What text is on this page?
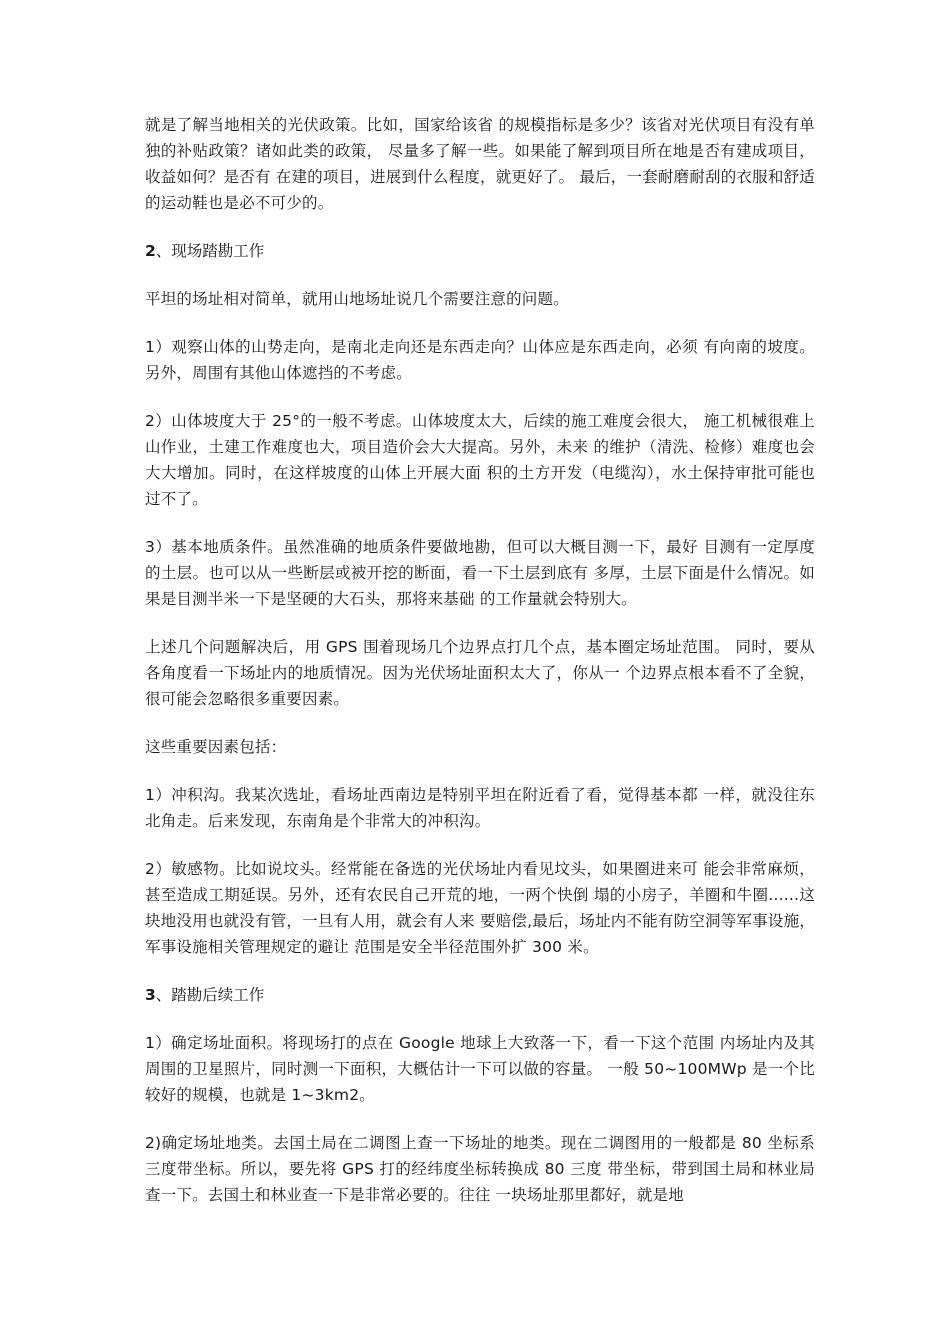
就是了解当地相关的光伏政策。比如，国家给该省 的规模指标是多少？该省对光伏项目有没有单独的补贴政策？诸如此类的政策， 尽量多了解一些。如果能了解到项目所在地是否有建成项目，收益如何？是否有 在建的项目，进展到什么程度，就更好了。 最后，一套耐磨耐刮的衣服和舒适的运动鞋也是必不可少的。

2、现场踏勘工作

平坦的场址相对简单，就用山地场址说几个需要注意的问题。

1）观察山体的山势走向，是南北走向还是东西走向？山体应是东西走向，必须 有向南的坡度。另外，周围有其他山体遮挡的不考虑。

2）山体坡度大于 25°的一般不考虑。山体坡度太大，后续的施工难度会很大， 施工机械很难上山作业，土建工作难度也大，项目造价会大大提高。另外，未来 的维护（清洗、检修）难度也会大大增加。同时，在这样坡度的山体上开展大面 积的土方开发（电缆沟），水土保持审批可能也过不了。

3）基本地质条件。虽然准确的地质条件要做地勘，但可以大概目测一下，最好 目测有一定厚度的土层。也可以从一些断层或被开挖的断面，看一下土层到底有 多厚，土层下面是什么情况。如果是目测半米一下是坚硬的大石头，那将来基础 的工作量就会特别大。

上述几个问题解决后，用 GPS 围着现场几个边界点打几个点，基本圈定场址范围。 同时，要从各角度看一下场址内的地质情况。因为光伏场址面积太大了，你从一 个边界点根本看不了全貌，很可能会忽略很多重要因素。

这些重要因素包括：

1）冲积沟。我某次选址，看场址西南边是特别平坦在附近看了看，觉得基本都 一样，就没往东北角走。后来发现，东南角是个非常大的冲积沟。

2）敏感物。比如说坟头。经常能在备选的光伏场址内看见坟头，如果圈进来可 能会非常麻烦，甚至造成工期延误。另外，还有农民自己开荒的地，一两个快倒 塌的小房子，羊圈和牛圈......这块地没用也就没有管，一旦有人用，就会有人来 要赔偿,最后，场址内不能有防空洞等军事设施，军事设施相关管理规定的避让 范围是安全半径范围外扩 300 米。

3、踏勘后续工作

1）确定场址面积。将现场打的点在 Google 地球上大致落一下，看一下这个范围 内场址内及其周围的卫星照片，同时测一下面积，大概估计一下可以做的容量。 一般 50~100MWp 是一个比较好的规模，也就是 1~3km2。

2)确定场址地类。去国土局在二调图上查一下场址的地类。现在二调图用的一般都是 80 坐标系三度带坐标。所以，要先将 GPS 打的经纬度坐标转换成 80 三度 带坐标，带到国土局和林业局查一下。去国土和林业查一下是非常必要的。往往 一块场址那里都好，就是地
